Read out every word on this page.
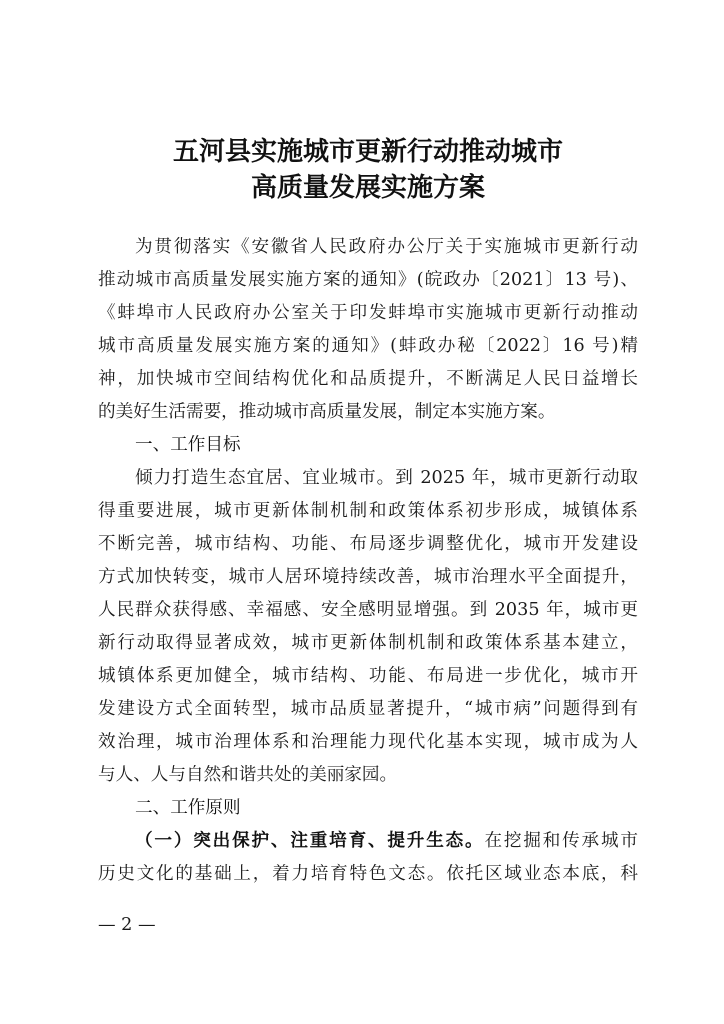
五河县实施城市更新行动推动城市
高质量发展实施方案
为贯彻落实《安徽省人民政府办公厅关于实施城市更新行动
推动城市高质量发展实施方案的通知》(皖政办〔2021〕13 号)、
《蚌埠市人民政府办公室关于印发蚌埠市实施城市更新行动推动
城市高质量发展实施方案的通知》(蚌政办秘〔2022〕16 号)精
神，加快城市空间结构优化和品质提升，不断满足人民日益增长
的美好生活需要，推动城市高质量发展，制定本实施方案。
一、工作目标
倾力打造生态宜居、宜业城市。到 2025 年，城市更新行动取
得重要进展，城市更新体制机制和政策体系初步形成，城镇体系
不断完善，城市结构、功能、布局逐步调整优化，城市开发建设
方式加快转变，城市人居环境持续改善，城市治理水平全面提升，
人民群众获得感、幸福感、安全感明显增强。到 2035 年，城市更
新行动取得显著成效，城市更新体制机制和政策体系基本建立，
城镇体系更加健全，城市结构、功能、布局进一步优化，城市开
发建设方式全面转型，城市品质显著提升，“城市病”问题得到有
效治理，城市治理体系和治理能力现代化基本实现，城市成为人
与人、人与自然和谐共处的美丽家园。
二、工作原则
（一）突出保护、注重培育、提升生态。在挖掘和传承城市
历史文化的基础上，着力培育特色文态。依托区域业态本底，科
— 2 —
